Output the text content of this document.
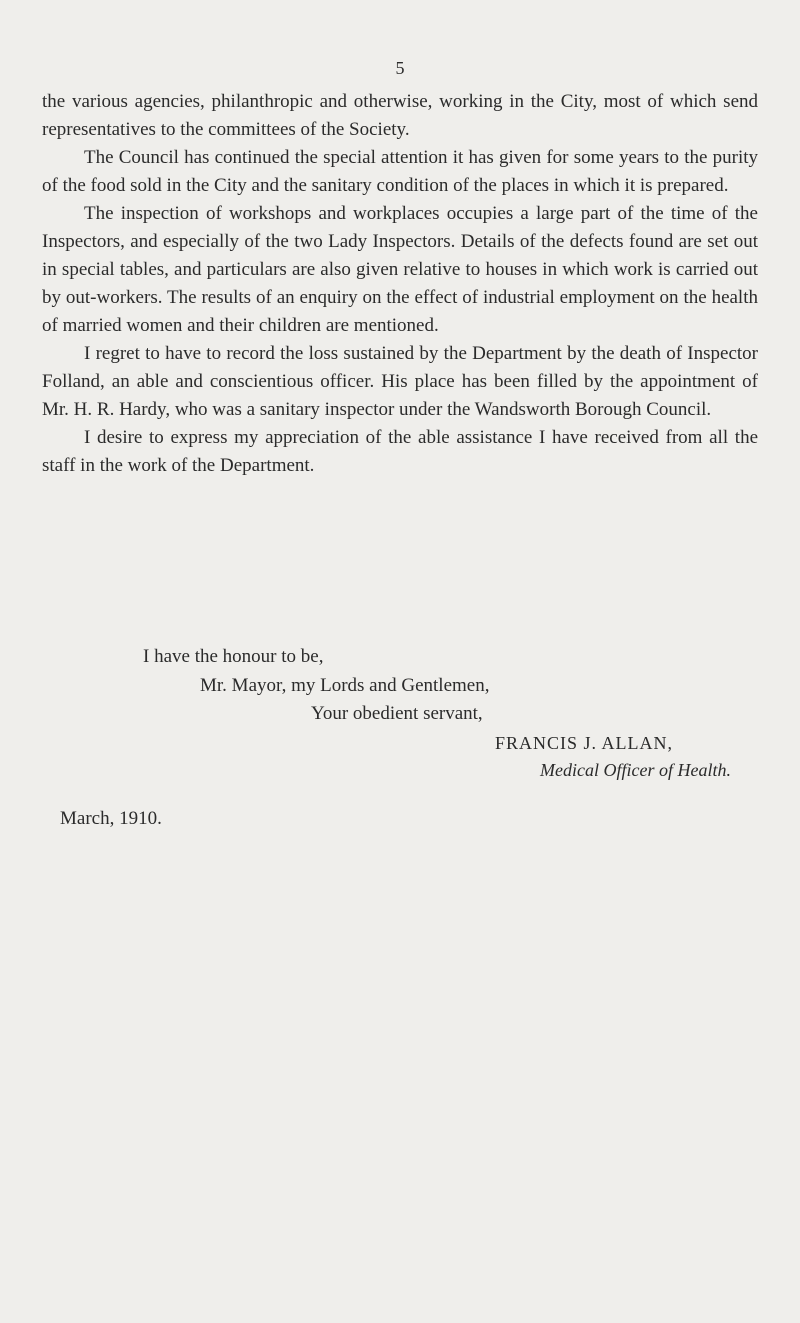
5

the various agencies, philanthropic and otherwise, working in the City, most of which send representatives to the committees of the Society.

The Council has continued the special attention it has given for some years to the purity of the food sold in the City and the sanitary condition of the places in which it is prepared.

The inspection of workshops and workplaces occupies a large part of the time of the Inspectors, and especially of the two Lady Inspectors. Details of the defects found are set out in special tables, and particulars are also given relative to houses in which work is carried out by out-workers. The results of an enquiry on the effect of industrial employment on the health of married women and their children are mentioned.

I regret to have to record the loss sustained by the Department by the death of Inspector Folland, an able and conscientious officer. His place has been filled by the appointment of Mr. H. R. Hardy, who was a sanitary inspector under the Wandsworth Borough Council.

I desire to express my appreciation of the able assistance I have received from all the staff in the work of the Department.

I have the honour to be,
Mr. Mayor, my Lords and Gentlemen,
Your obedient servant,
FRANCIS J. ALLAN,
Medical Officer of Health.
March, 1910.
